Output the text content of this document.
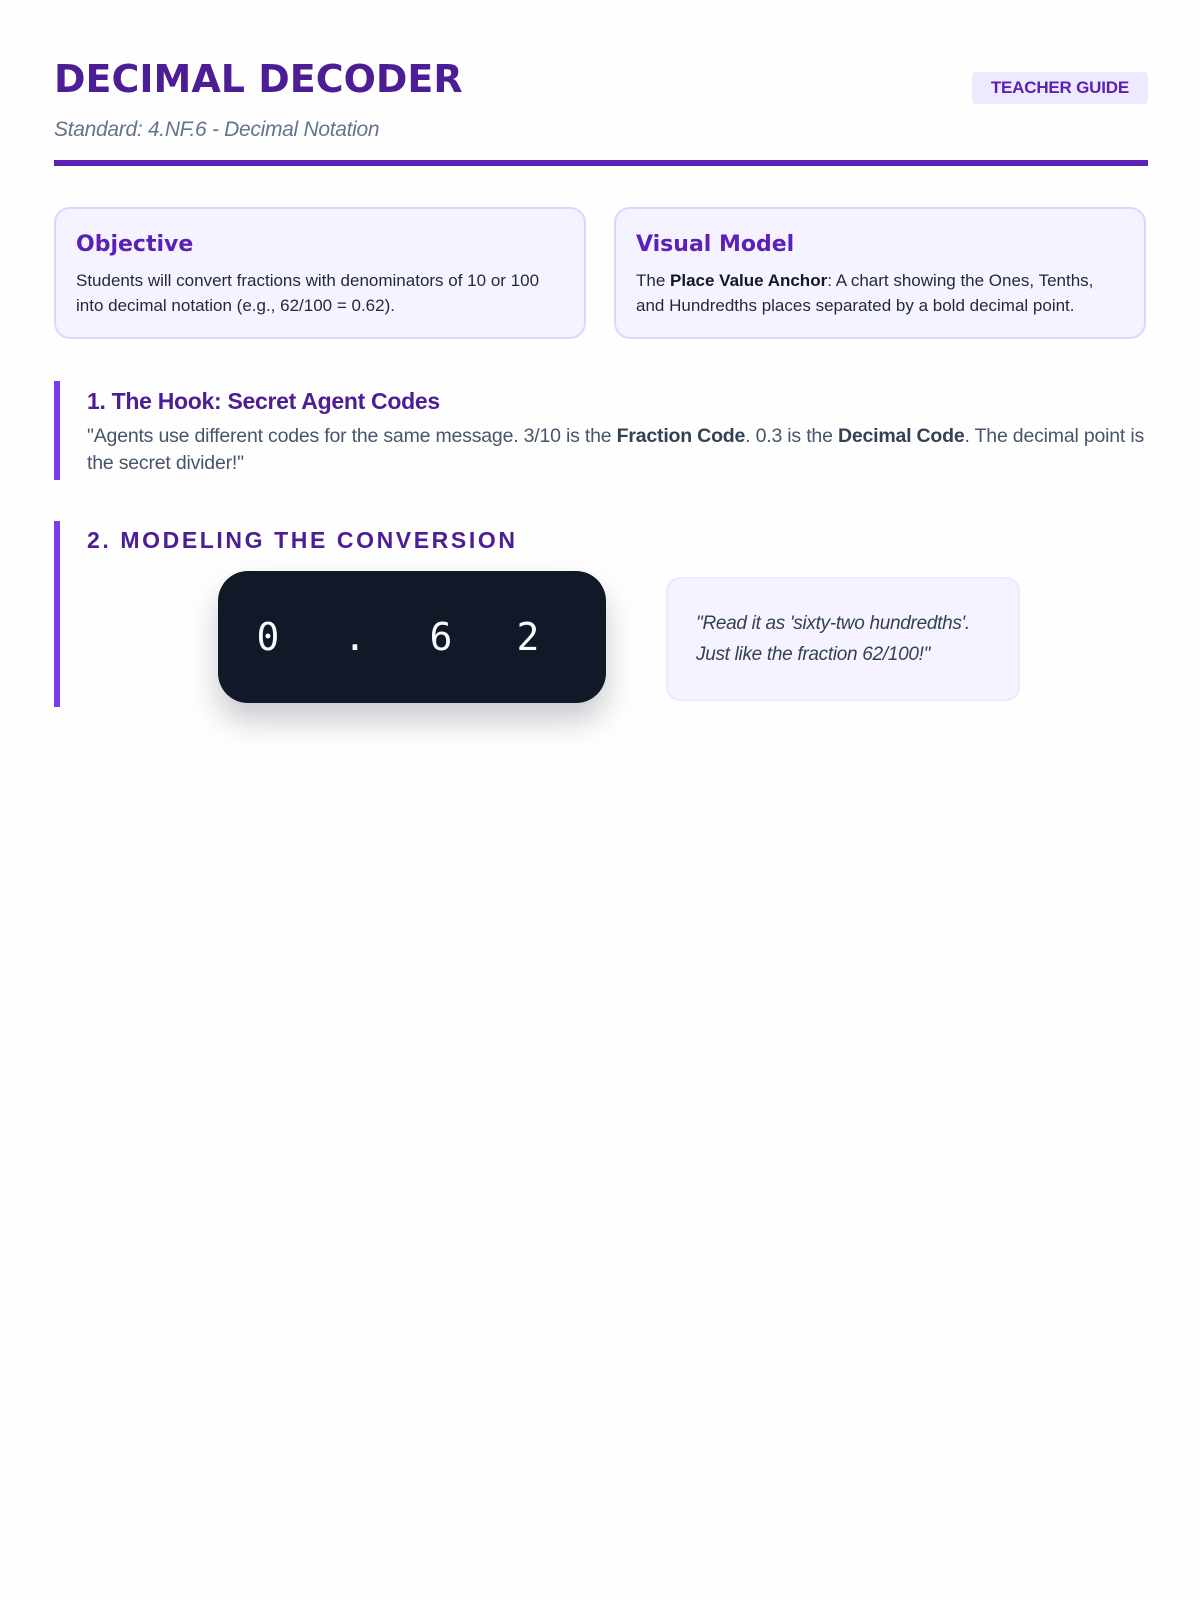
DECIMAL DECODER
Standard: 4.NF.6 - Decimal Notation
TEACHER GUIDE
Objective

Students will convert fractions with denominators of 10 or 100 into decimal notation (e.g., 62/100 = 0.62).

Visual Model

The Place Value Anchor: A chart showing the Ones, Tenths, and Hundredths places separated by a bold decimal point.

1. The Hook: Secret Agent Codes

"Agents use different codes for the same message. 3/10 is the Fraction Code. 0.3 is the Decimal Code. The decimal point is the secret divider!"

2. MODELING THE CONVERSION
0	.	6	2	"Read it as 'sixty-two hundredths'. Just like the fraction 62/100!"
